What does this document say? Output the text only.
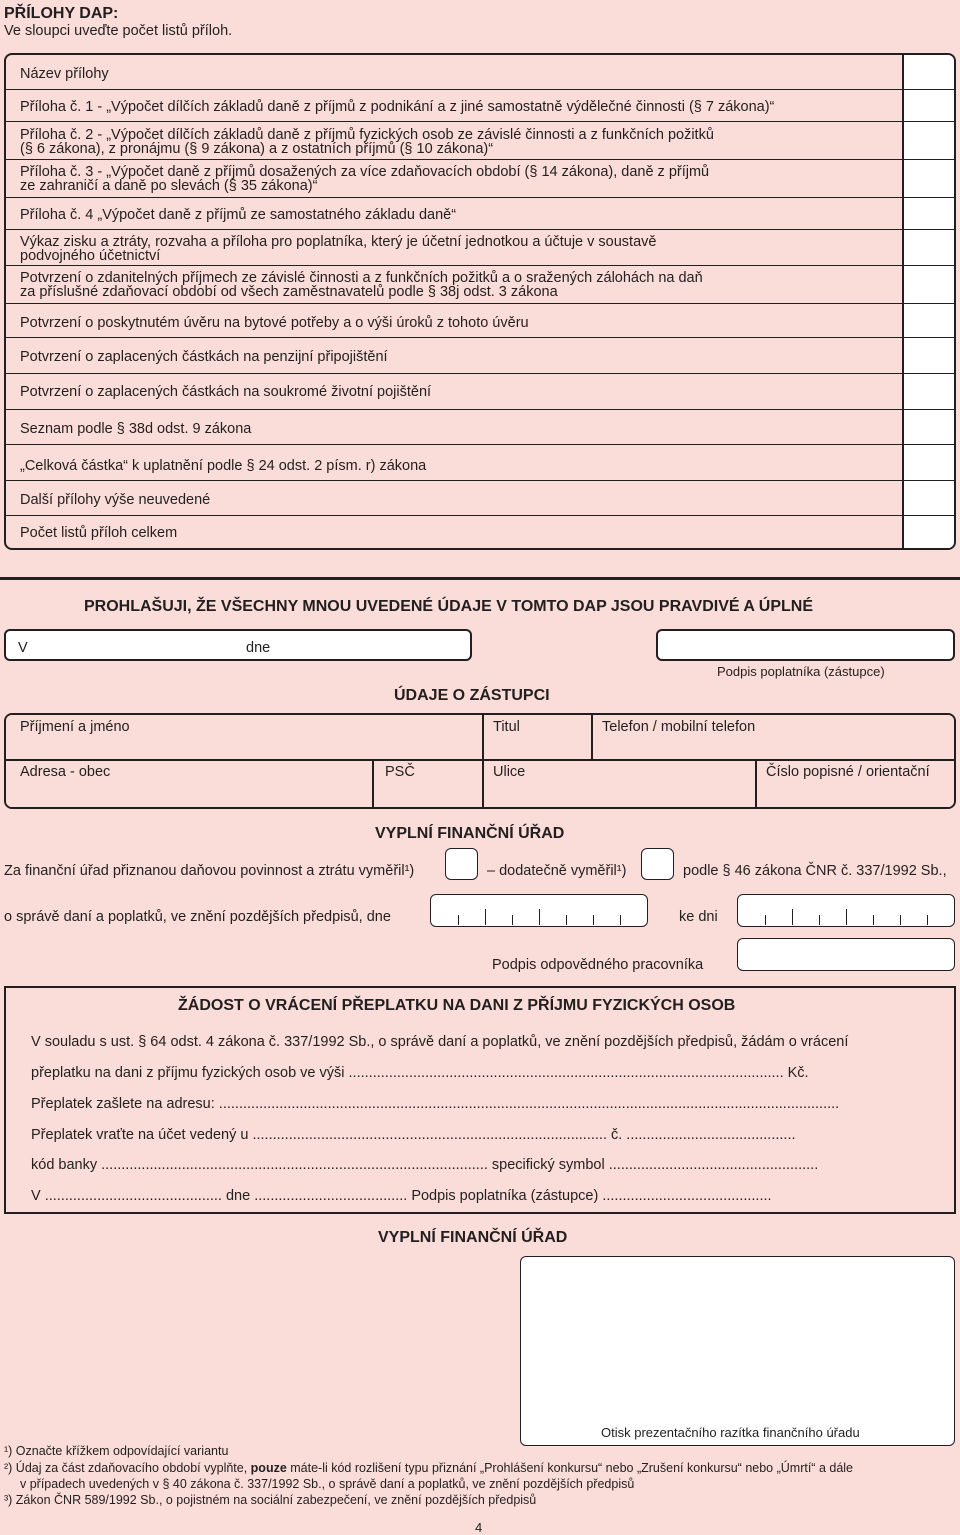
PŘÍLOHY DAP:
Ve sloupci uveďte počet listů příloh.
Název přílohy
Příloha č. 1 - „Výpočet dílčích základů daně z příjmů z podnikání a z jiné samostatně výdělečné činnosti (§ 7 zákona)“
Příloha č. 2 - „Výpočet dílčích základů daně z příjmů fyzických osob ze závislé činnosti a z funkčních požitků
(§ 6 zákona), z pronájmu (§ 9 zákona) a z ostatních příjmů (§ 10 zákona)“
Příloha č. 3 - „Výpočet daně z příjmů dosažených za více zdaňovacích období (§ 14 zákona), daně z příjmů
ze zahraničí a daně po slevách (§ 35 zákona)“
Příloha č. 4 „Výpočet daně z příjmů ze samostatného základu daně“
Výkaz zisku a ztráty, rozvaha a příloha pro poplatníka, který je účetní jednotkou a účtuje v soustavě
podvojného účetnictví
Potvrzení o zdanitelných příjmech ze závislé činnosti a z funkčních požitků a o sražených zálohách na daň
za příslušné zdaňovací období od všech zaměstnavatelů podle § 38j odst. 3 zákona
Potvrzení o poskytnutém úvěru na bytové potřeby a o výši úroků z tohoto úvěru
Potvrzení o zaplacených částkách na penzijní připojištění
Potvrzení o zaplacených částkách na soukromé životní pojištění
Seznam podle § 38d odst. 9 zákona
„Celková částka“ k uplatnění podle § 24 odst. 2 písm. r) zákona
Další přílohy výše neuvedené
Počet listů příloh celkem
PROHLAŠUJI, ŽE VŠECHNY MNOU UVEDENÉ ÚDAJE V TOMTO DAP JSOU PRAVDIVÉ A ÚPLNÉ
V	dne
Podpis poplatníka (zástupce)
ÚDAJE O ZÁSTUPCI
Příjmení a jméno	Titul	Telefon / mobilní telefon
Adresa - obec	PSČ	Ulice	Číslo popisné / orientační
VYPLNÍ FINANČNÍ ÚŘAD
Za finanční úřad přiznanou daňovou povinnost a ztrátu vyměřil¹)	– dodatečně vyměřil¹)	podle § 46 zákona ČNR č. 337/1992 Sb.,
o správě daní a poplatků, ve znění pozdějších předpisů, dne	ke dni
Podpis odpovědného pracovníka
ŽÁDOST O VRÁCENÍ PŘEPLATKU NA DANI Z PŘÍJMU FYZICKÝCH OSOB
V souladu s ust. § 64 odst. 4 zákona č. 337/1992 Sb., o správě daní a poplatků, ve znění pozdějších předpisů, žádám o vrácení
přeplatku na dani z příjmu fyzických osob ve výši ............................................................................................................ Kč.
Přeplatek zašlete na adresu: ..........................................................................................................................................................
Přeplatek vraťte na účet vedený u ........................................................................................ č. ..........................................
kód banky ................................................................................................ specifický symbol ....................................................
V ............................................ dne ...................................... Podpis poplatníka (zástupce) ..........................................
VYPLNÍ FINANČNÍ ÚŘAD
Otisk prezentačního razítka finančního úřadu
¹) Označte křížkem odpovídající variantu
²) Údaj za část zdaňovacího období vyplňte, pouze máte-li kód rozlišení typu přiznání „Prohlášení konkursu“ nebo „Zrušení konkursu“ nebo „Úmrtí“ a dále
v případech uvedených v § 40 zákona č. 337/1992 Sb., o správě daní a poplatků, ve znění pozdějších předpisů
³) Zákon ČNR 589/1992 Sb., o pojistném na sociální zabezpečení, ve znění pozdějších předpisů
4
